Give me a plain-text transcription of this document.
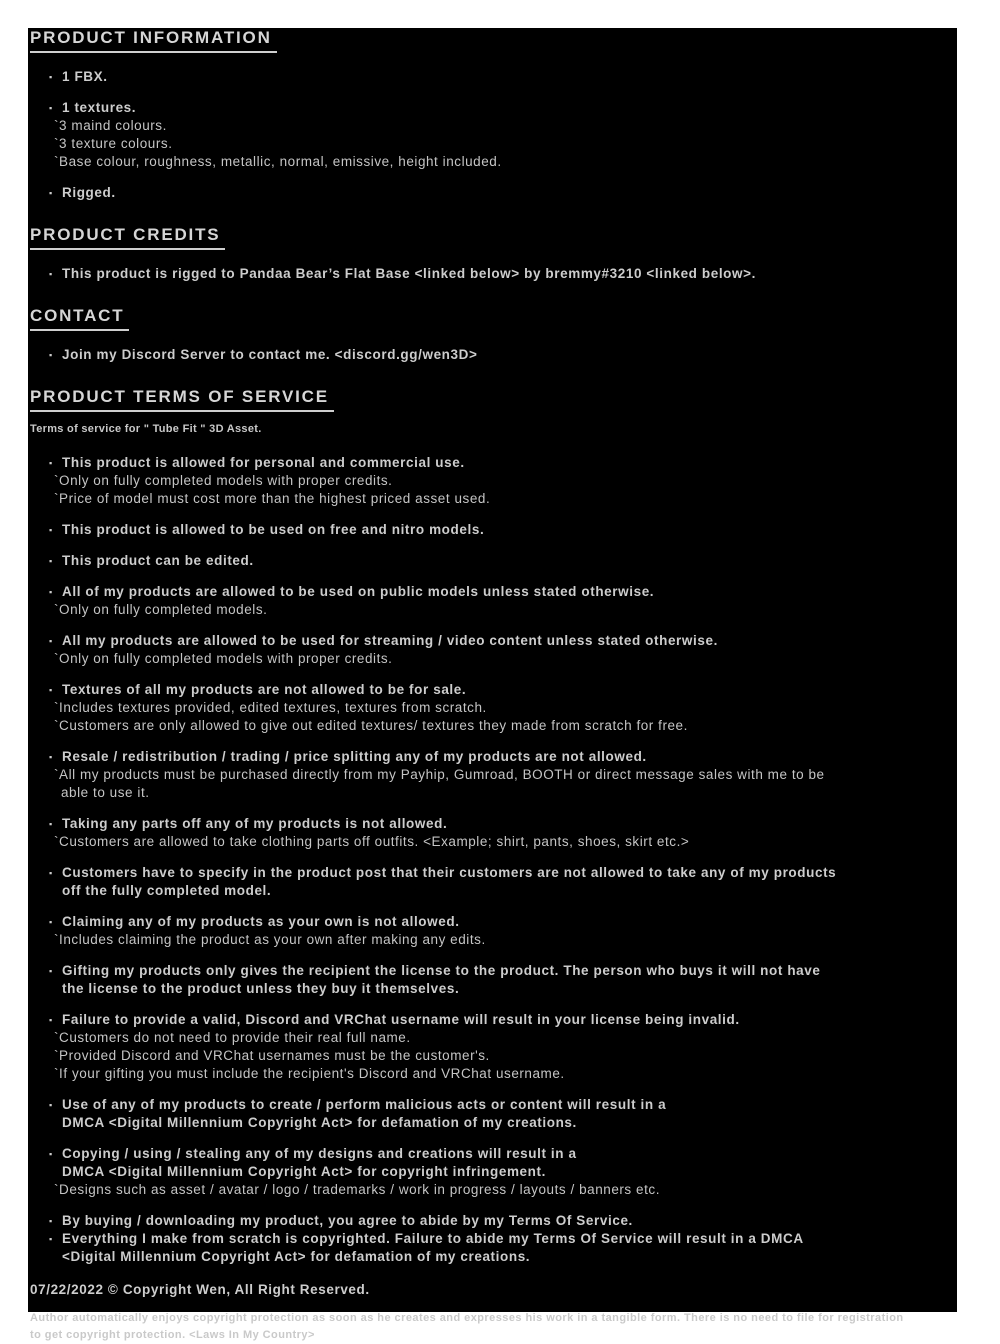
PRODUCT INFORMATION
▪ 1 FBX.
▪ 1 textures.
`3 maind colours.
`3 texture colours.
`Base colour, roughness, metallic, normal, emissive, height included.
▪ Rigged.
PRODUCT CREDITS
▪ This product is rigged to Pandaa Bear’s Flat Base <linked below> by bremmy#3210 <linked below>.
CONTACT
▪ Join my Discord Server to contact me. <discord.gg/wen3D>
PRODUCT TERMS OF SERVICE
Terms of service for " Tube Fit " 3D Asset.
▪ This product is allowed for personal and commercial use.
`Only on fully completed models with proper credits.
`Price of model must cost more than the highest priced asset used.
▪ This product is allowed to be used on free and nitro models.
▪ This product can be edited.
▪ All of my products are allowed to be used on public models unless stated otherwise.
`Only on fully completed models.
▪ All my products are allowed to be used for streaming / video content unless stated otherwise.
`Only on fully completed models with proper credits.
▪ Textures of all my products are not allowed to be for sale.
`Includes textures provided, edited textures, textures from scratch.
`Customers are only allowed to give out edited textures/ textures they made from scratch for free.
▪ Resale / redistribution / trading / price splitting any of my products are not allowed.
`All my products must be purchased directly from my Payhip, Gumroad, BOOTH or direct message sales with me to be
able to use it.
▪ Taking any parts off any of my products is not allowed.
`Customers are allowed to take clothing parts off outfits. <Example; shirt, pants, shoes, skirt etc.>
▪ Customers have to specify in the product post that their customers are not allowed to take any of my products
off the fully completed model.
▪ Claiming any of my products as your own is not allowed.
`Includes claiming the product as your own after making any edits.
▪ Gifting my products only gives the recipient the license to the product. The person who buys it will not have
the license to the product unless they buy it themselves.
▪ Failure to provide a valid, Discord and VRChat username will result in your license being invalid.
`Customers do not need to provide their real full name.
`Provided Discord and VRChat usernames must be the customer's.
`If your gifting you must include the recipient's Discord and VRChat username.
▪ Use of any of my products to create / perform malicious acts or content will result in a
DMCA <Digital Millennium Copyright Act> for defamation of my creations.
▪ Copying / using / stealing any of my designs and creations will result in a
DMCA <Digital Millennium Copyright Act> for copyright infringement.
`Designs such as asset / avatar / logo / trademarks / work in progress / layouts / banners etc.
▪ By buying / downloading my product, you agree to abide by my Terms Of Service.
▪ Everything I make from scratch is copyrighted. Failure to abide my Terms Of Service will result in a DMCA
<Digital Millennium Copyright Act> for defamation of my creations.
07/22/2022 © Copyright Wen, All Right Reserved.
Author automatically enjoys copyright protection as soon as he creates and expresses his work in a tangible form. There is no need to file for registration
to get copyright protection. <Laws In My Country>
